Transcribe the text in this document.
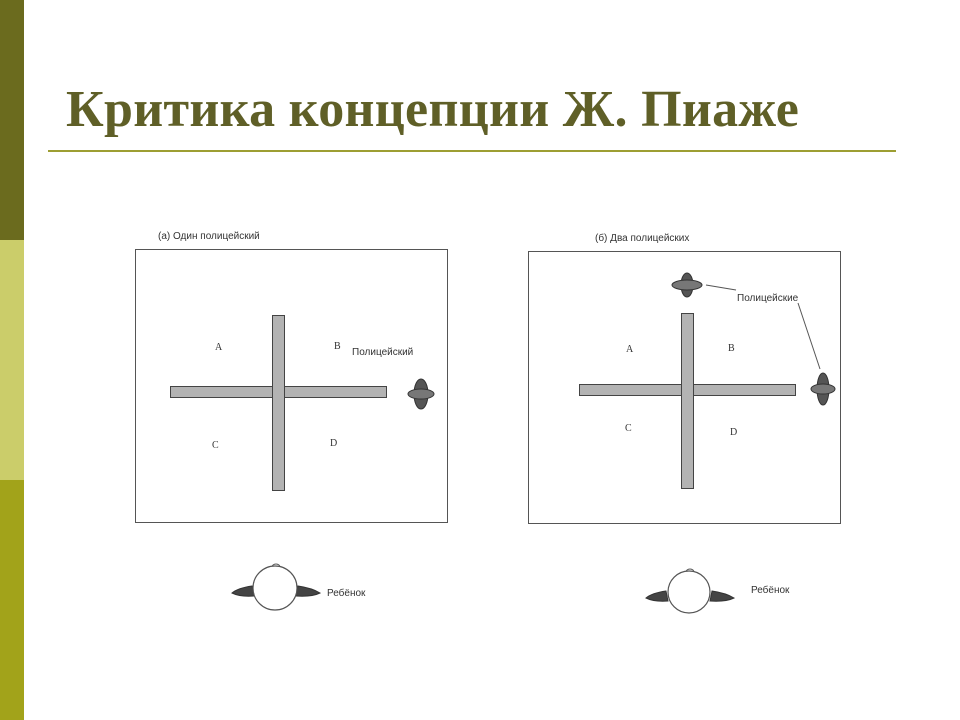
Критика концепции Ж. Пиаже
(а) Один полицейский
A	B
C	D
Полицейский
Ребёнок
(б) Два полицейских
A	B
C	D
Полицейские
Ребёнок
